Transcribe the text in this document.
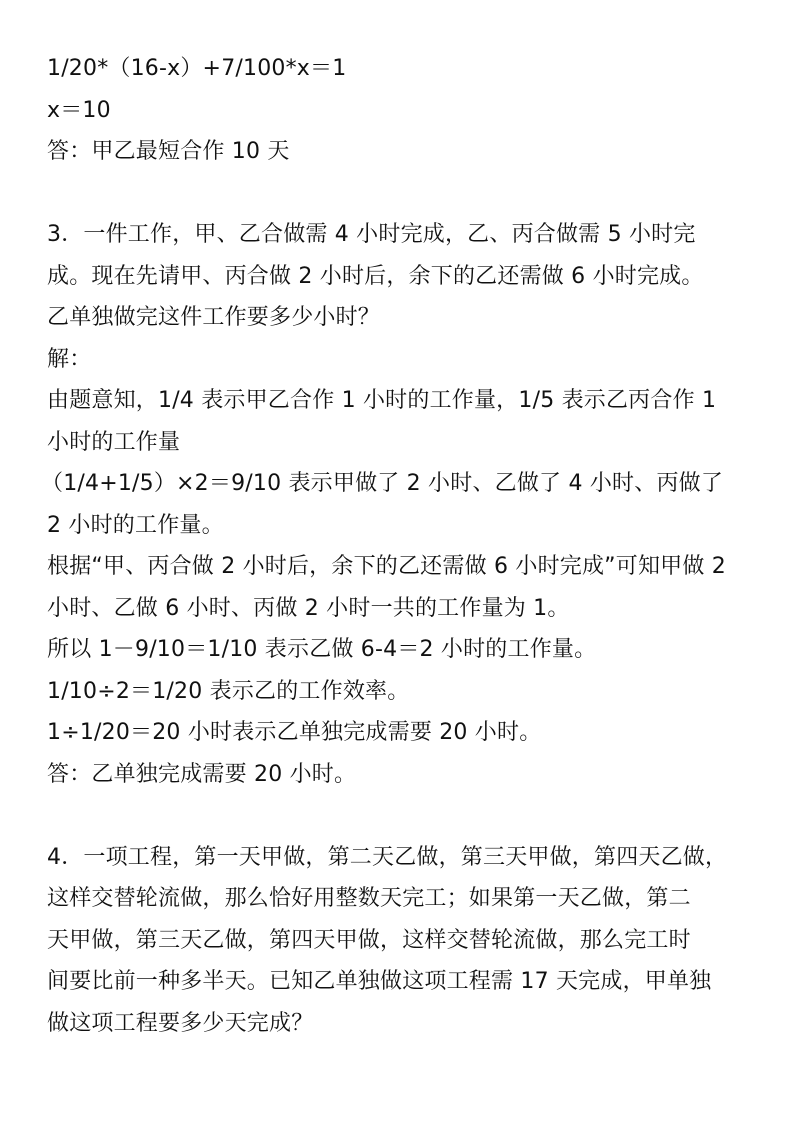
1/20*（16-x）+7/100*x＝1
x＝10
答：甲乙最短合作 10 天
3．一件工作，甲、乙合做需 4 小时完成，乙、丙合做需 5 小时完
成。现在先请甲、丙合做 2 小时后，余下的乙还需做 6 小时完成。
乙单独做完这件工作要多少小时？
解：
由题意知，1/4 表示甲乙合作 1 小时的工作量，1/5 表示乙丙合作 1
小时的工作量
（1/4+1/5）×2＝9/10 表示甲做了 2 小时、乙做了 4 小时、丙做了
2 小时的工作量。
根据“甲、丙合做 2 小时后，余下的乙还需做 6 小时完成”可知甲做 2
小时、乙做 6 小时、丙做 2 小时一共的工作量为 1。
所以 1－9/10＝1/10 表示乙做 6-4＝2 小时的工作量。
1/10÷2＝1/20 表示乙的工作效率。
1÷1/20＝20 小时表示乙单独完成需要 20 小时。
答：乙单独完成需要 20 小时。
4．一项工程，第一天甲做，第二天乙做，第三天甲做，第四天乙做，
这样交替轮流做，那么恰好用整数天完工；如果第一天乙做，第二
天甲做，第三天乙做，第四天甲做，这样交替轮流做，那么完工时
间要比前一种多半天。已知乙单独做这项工程需 17 天完成，甲单独
做这项工程要多少天完成？
